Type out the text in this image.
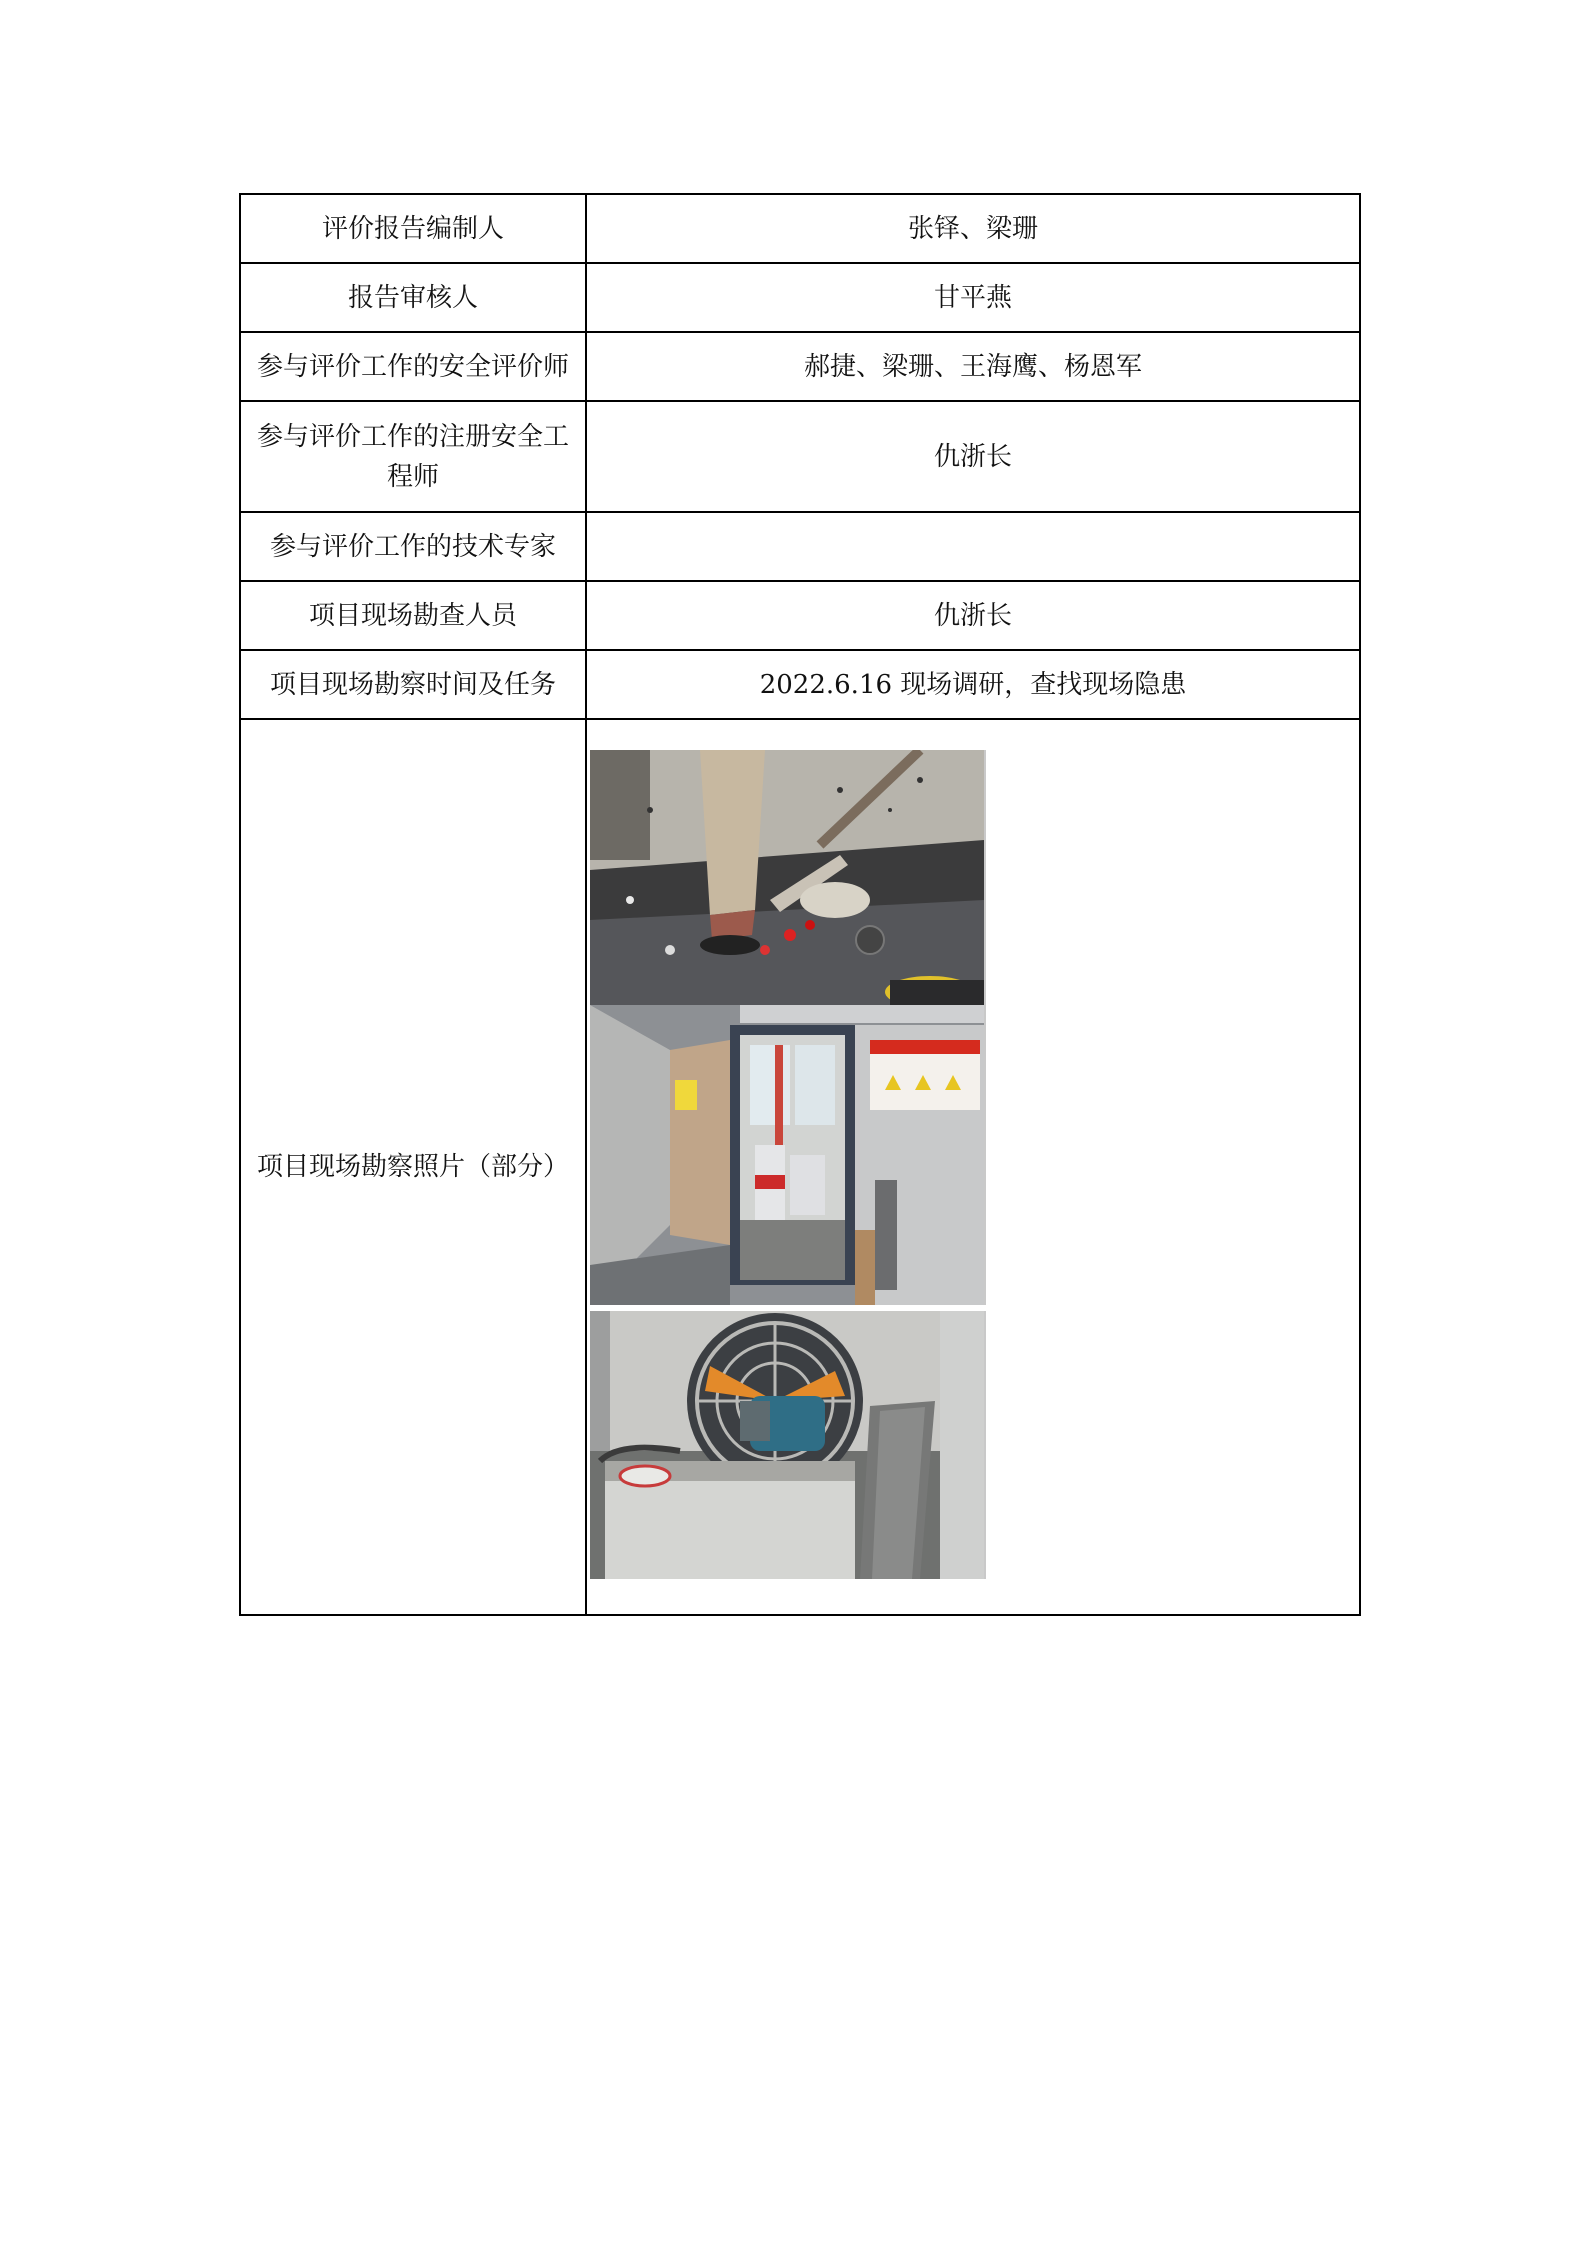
评价报告编制人	张铎、梁珊
报告审核人	甘平燕
参与评价工作的安全评价师	郝捷、梁珊、王海鹰、杨恩军
参与评价工作的注册安全工程师	仇浙长
参与评价工作的技术专家	
项目现场勘查人员	仇浙长
项目现场勘察时间及任务	2022.6.16 现场调研，查找现场隐患
项目现场勘察照片（部分）	
